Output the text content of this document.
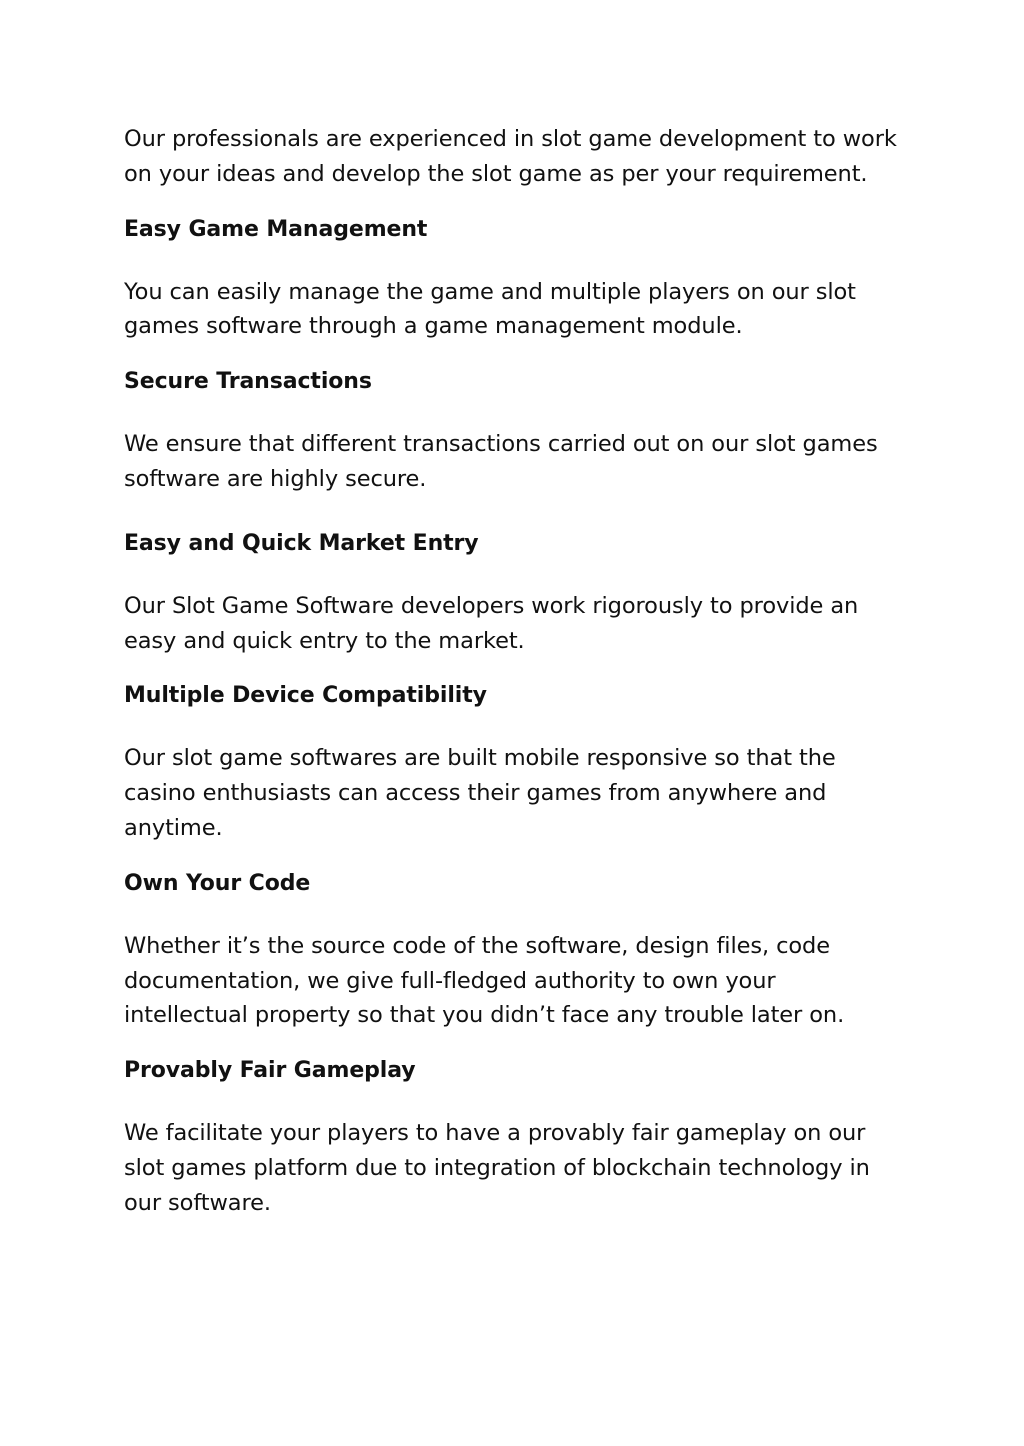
Our professionals are experienced in slot game development to work on your ideas and develop the slot game as per your requirement.

Easy Game Management

You can easily manage the game and multiple players on our slot games software through a game management module.

Secure Transactions

We ensure that different transactions carried out on our slot games software are highly secure.

Easy and Quick Market Entry

Our Slot Game Software developers work rigorously to provide an easy and quick entry to the market.

Multiple Device Compatibility

Our slot game softwares are built mobile responsive so that the casino enthusiasts can access their games from anywhere and anytime.

Own Your Code

Whether it’s the source code of the software, design files, code documentation, we give full-fledged authority to own your intellectual property so that you didn’t face any trouble later on.

Provably Fair Gameplay

We facilitate your players to have a provably fair gameplay on our slot games platform due to integration of blockchain technology in our software.
